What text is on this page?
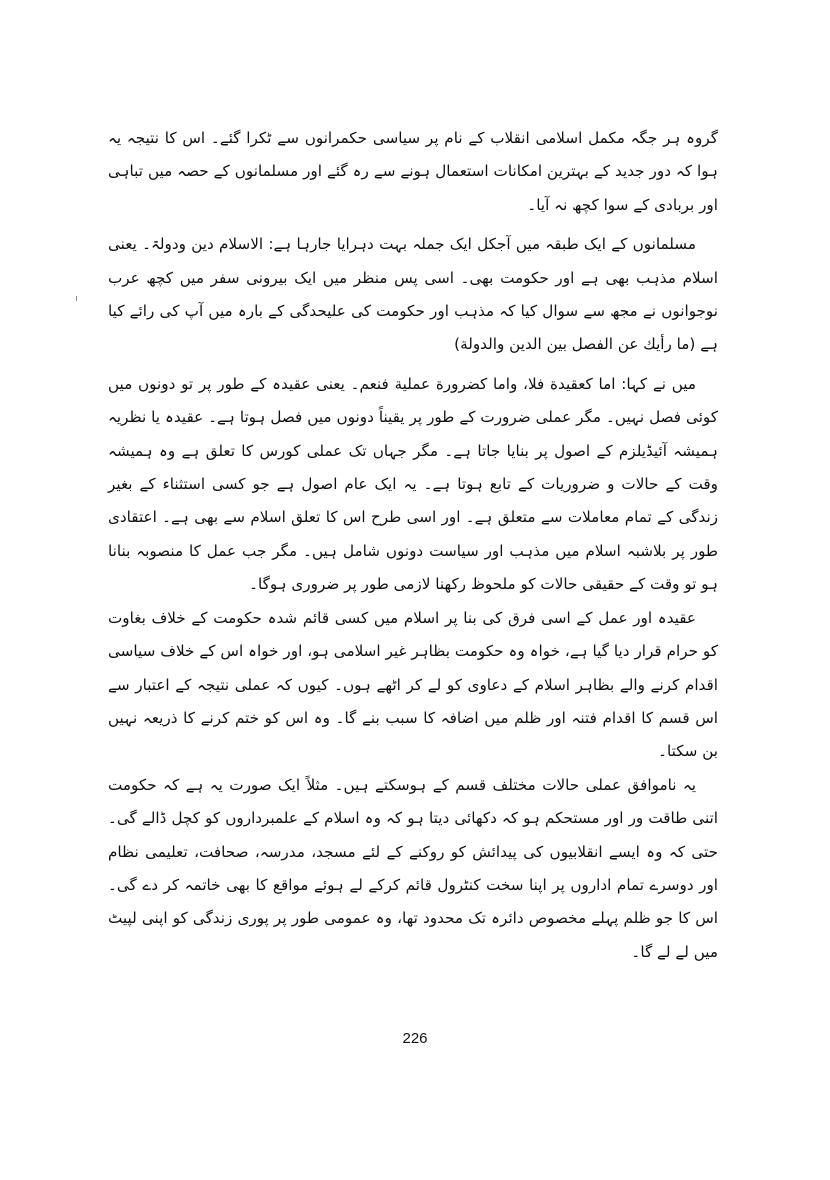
گروہ ہر جگہ مکمل اسلامی انقلاب کے نام پر سیاسی حکمرانوں سے ٹکرا گئے۔ اس کا نتیجہ یہ ہوا کہ دور جدید کے بہترین امکانات استعمال ہونے سے رہ گئے اور مسلمانوں کے حصہ میں تباہی اور بربادی کے سوا کچھ نہ آیا۔

مسلمانوں کے ایک طبقہ میں آجکل ایک جملہ بہت دہرایا جارہا ہے: الاسلام دین ودولۃ۔ یعنی اسلام مذہب بھی ہے اور حکومت بھی۔ اسی پس منظر میں ایک بیرونی سفر میں کچھ عرب نوجوانوں نے مجھ سے سوال کیا کہ مذہب اور حکومت کی علیحدگی کے بارہ میں آپ کی رائے کیا ہے (ما رأيك عن الفصل بين الدين والدولة)

میں نے کہا: اما كعقيدة فلا، واما كضرورة عملية فنعم۔ یعنی عقیدہ کے طور پر تو دونوں میں کوئی فصل نہیں۔ مگر عملی ضرورت کے طور پر یقیناً دونوں میں فصل ہوتا ہے۔ عقیدہ یا نظریہ ہمیشہ آئیڈیلزم کے اصول پر بنایا جاتا ہے۔ مگر جہاں تک عملی کورس کا تعلق ہے وہ ہمیشہ وقت کے حالات و ضروریات کے تابع ہوتا ہے۔ یہ ایک عام اصول ہے جو کسی استثناء کے بغیر زندگی کے تمام معاملات سے متعلق ہے۔ اور اسی طرح اس کا تعلق اسلام سے بھی ہے۔ اعتقادی طور پر بلاشبہ اسلام میں مذہب اور سیاست دونوں شامل ہیں۔ مگر جب عمل کا منصوبہ بنانا ہو تو وقت کے حقیقی حالات کو ملحوظ رکھنا لازمی طور پر ضروری ہوگا۔

عقیدہ اور عمل کے اسی فرق کی بنا پر اسلام میں کسی قائم شدہ حکومت کے خلاف بغاوت کو حرام قرار دیا گیا ہے، خواہ وہ حکومت بظاہر غیر اسلامی ہو، اور خواہ اس کے خلاف سیاسی اقدام کرنے والے بظاہر اسلام کے دعاوی کو لے کر اٹھے ہوں۔ کیوں کہ عملی نتیجہ کے اعتبار سے اس قسم کا اقدام فتنہ اور ظلم میں اضافہ کا سبب بنے گا۔ وہ اس کو ختم کرنے کا ذریعہ نہیں بن سکتا۔

یہ ناموافق عملی حالات مختلف قسم کے ہوسکتے ہیں۔ مثلاً ایک صورت یہ ہے کہ حکومت اتنی طاقت ور اور مستحکم ہو کہ دکھائی دیتا ہو کہ وہ اسلام کے علمبرداروں کو کچل ڈالے گی۔ حتی کہ وہ ایسے انقلابیوں کی پیدائش کو روکنے کے لئے مسجد، مدرسہ، صحافت، تعلیمی نظام اور دوسرے تمام اداروں پر اپنا سخت کنٹرول قائم کرکے لے ہوئے مواقع کا بھی خاتمہ کر دے گی۔ اس کا جو ظلم پہلے مخصوص دائرہ تک محدود تھا، وہ عمومی طور پر پوری زندگی کو اپنی لپیٹ میں لے لے گا۔

226
